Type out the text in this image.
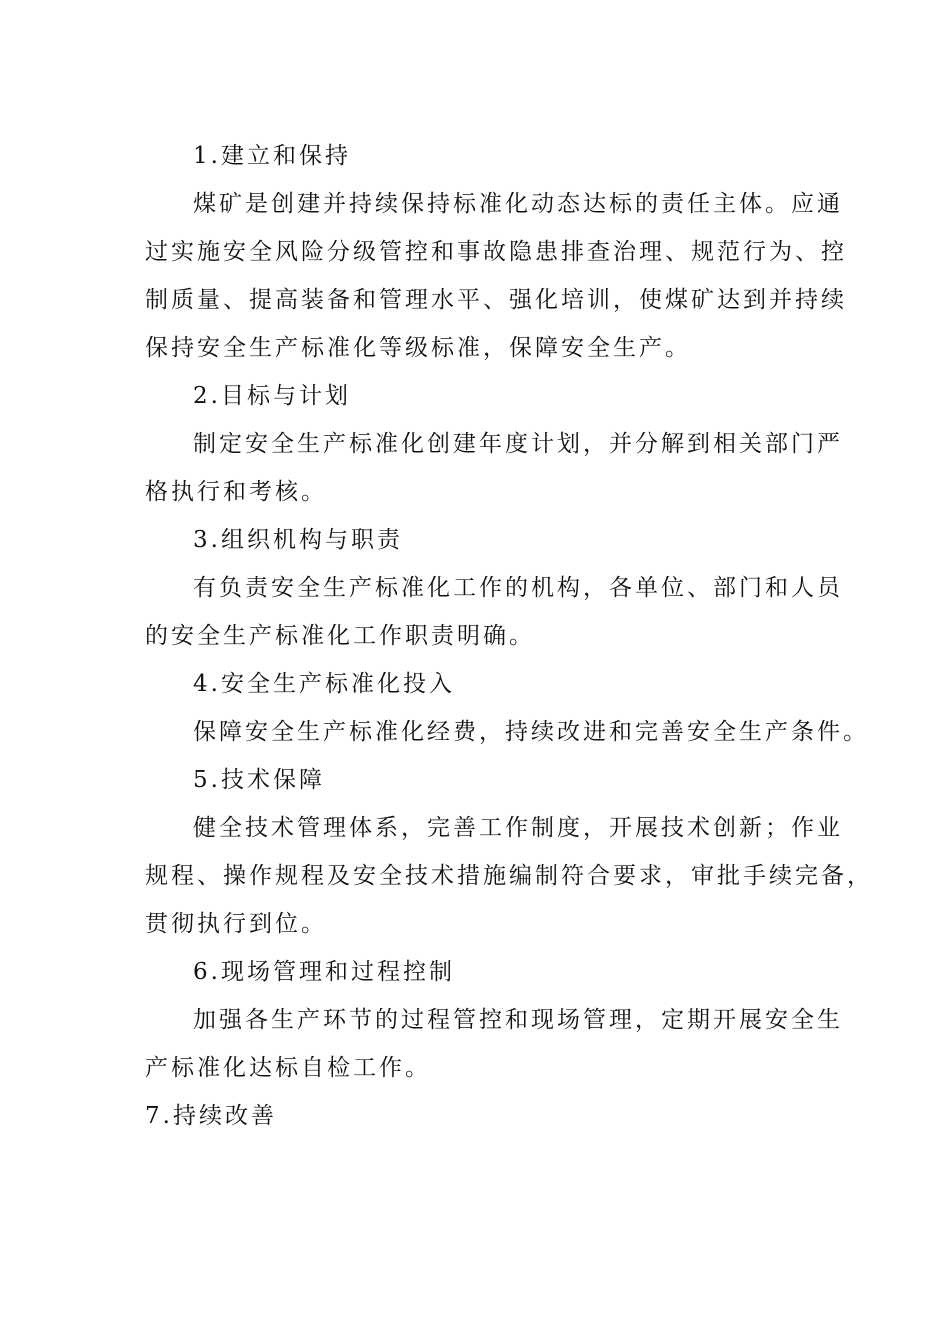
1.建立和保持
煤矿是创建并持续保持标准化动态达标的责任主体。应通
过实施安全风险分级管控和事故隐患排查治理、规范行为、控
制质量、提高装备和管理水平、强化培训，使煤矿达到并持续
保持安全生产标准化等级标准，保障安全生产。
2.目标与计划
制定安全生产标准化创建年度计划，并分解到相关部门严
格执行和考核。
3.组织机构与职责
有负责安全生产标准化工作的机构，各单位、部门和人员
的安全生产标准化工作职责明确。
4.安全生产标准化投入
保障安全生产标准化经费，持续改进和完善安全生产条件。
5.技术保障
健全技术管理体系，完善工作制度，开展技术创新；作业
规程、操作规程及安全技术措施编制符合要求，审批手续完备，
贯彻执行到位。
6.现场管理和过程控制
加强各生产环节的过程管控和现场管理，定期开展安全生
产标准化达标自检工作。
7.持续改善
